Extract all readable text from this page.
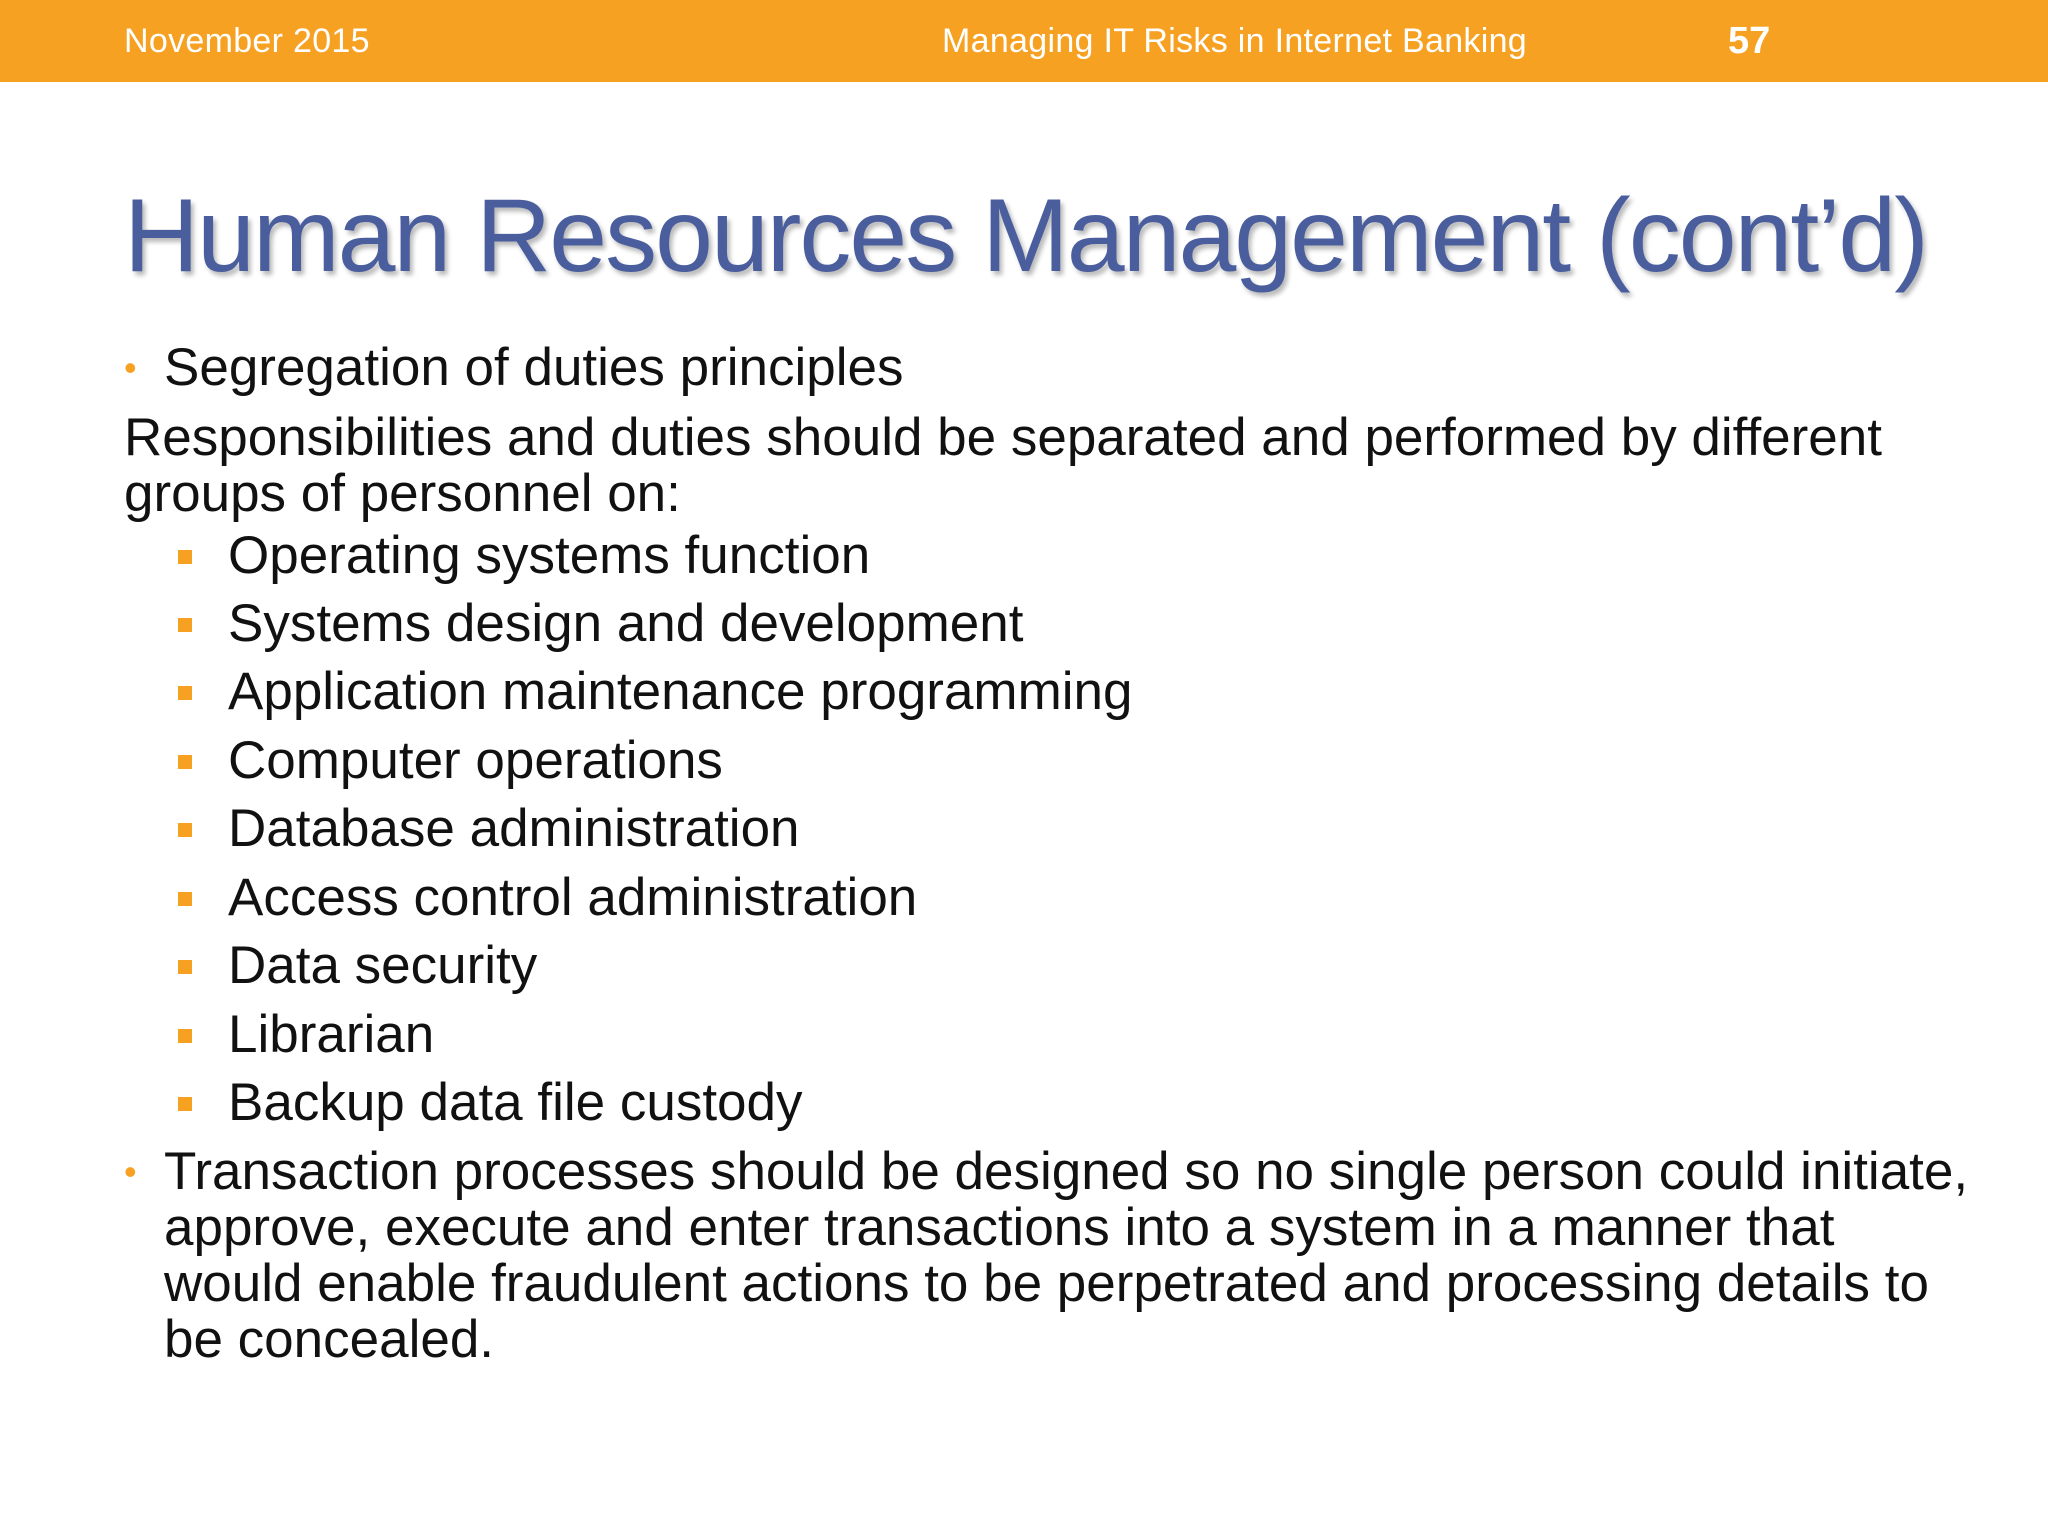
November 2015	Managing IT Risks in Internet Banking	57
Human Resources Management (cont’d)
• Segregation of duties principles
Responsibilities and duties should be separated and performed by different groups of personnel on:
Operating systems function
Systems design and development
Application maintenance programming
Computer operations
Database administration
Access control administration
Data security
Librarian
Backup data file custody
• Transaction processes should be designed so no single person could initiate, approve, execute and enter transactions into a system in a manner that would enable fraudulent actions to be perpetrated and processing details to be concealed.
